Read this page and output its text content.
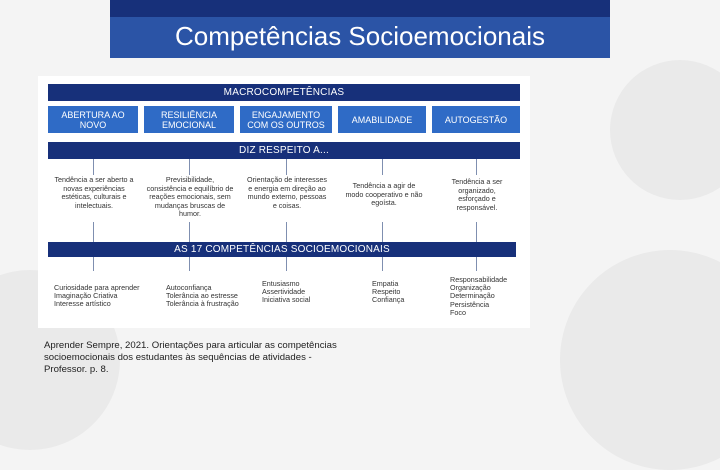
Competências Socioemocionais
MACROCOMPETÊNCIAS
ABERTURA AO NOVO
RESILIÊNCIA EMOCIONAL
ENGAJAMENTO COM OS OUTROS	AMABILIDADE	AUTOGESTÃO
DIZ RESPEITO A...
Tendência a ser aberto a novas experiências estéticas, culturais e intelectuais.
Previsibilidade, consistência e equilíbrio de reações emocionais, sem mudanças bruscas de humor.
Orientação de interesses e energia em direção ao mundo externo, pessoas e coisas.
Tendência a agir de modo cooperativo e não egoísta.
Tendência a ser organizado, esforçado e responsável.
AS 17 COMPETÊNCIAS SOCIOEMOCIONAIS
Curiosidade para aprender
Imaginação Criativa
Interesse artístico
Autoconfiança
Tolerância ao estresse
Tolerância à frustração
Entusiasmo
Assertividade
Iniciativa social
Empatia
Respeito
Confiança
Responsabilidade
Organização
Determinação
Persistência
Foco
Aprender Sempre, 2021. Orientações para articular as competências socioemocionais dos estudantes às sequências de atividades - Professor. p. 8.
